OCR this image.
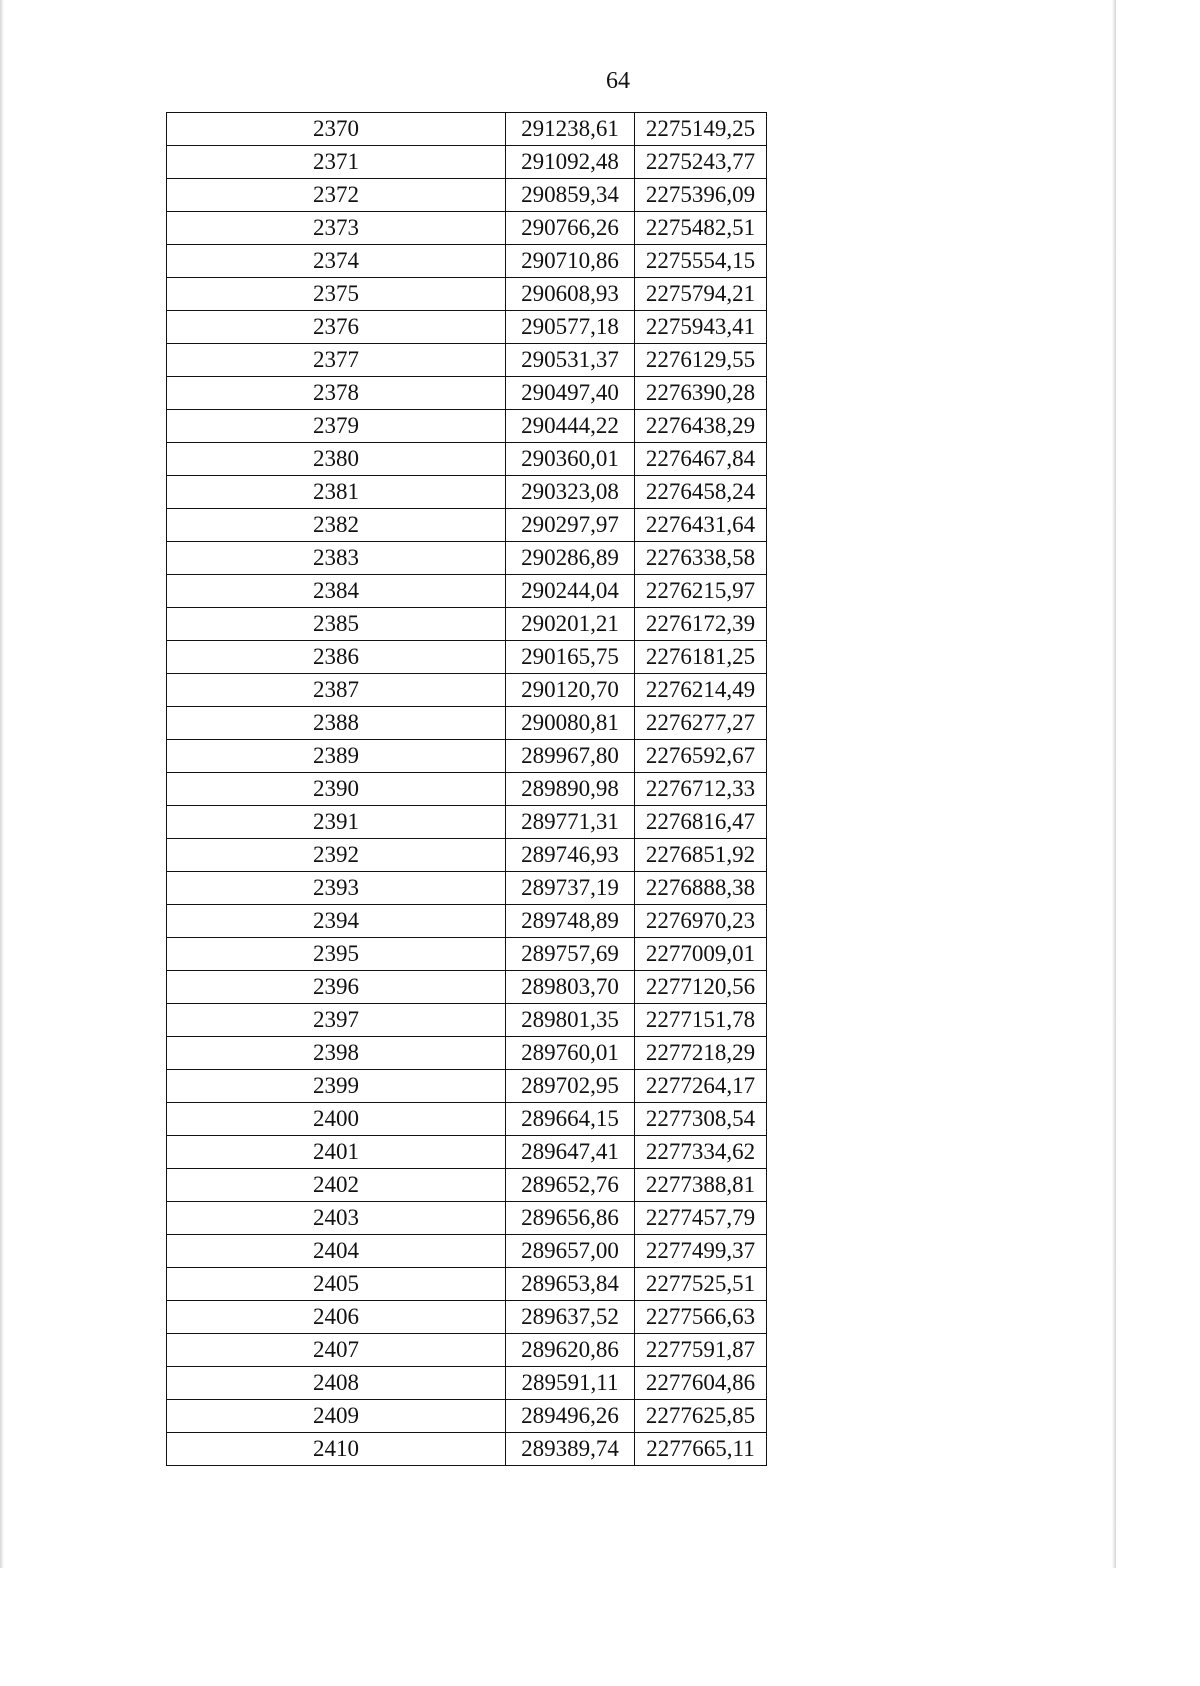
64
2370	291238,61	2275149,25
2371	291092,48	2275243,77
2372	290859,34	2275396,09
2373	290766,26	2275482,51
2374	290710,86	2275554,15
2375	290608,93	2275794,21
2376	290577,18	2275943,41
2377	290531,37	2276129,55
2378	290497,40	2276390,28
2379	290444,22	2276438,29
2380	290360,01	2276467,84
2381	290323,08	2276458,24
2382	290297,97	2276431,64
2383	290286,89	2276338,58
2384	290244,04	2276215,97
2385	290201,21	2276172,39
2386	290165,75	2276181,25
2387	290120,70	2276214,49
2388	290080,81	2276277,27
2389	289967,80	2276592,67
2390	289890,98	2276712,33
2391	289771,31	2276816,47
2392	289746,93	2276851,92
2393	289737,19	2276888,38
2394	289748,89	2276970,23
2395	289757,69	2277009,01
2396	289803,70	2277120,56
2397	289801,35	2277151,78
2398	289760,01	2277218,29
2399	289702,95	2277264,17
2400	289664,15	2277308,54
2401	289647,41	2277334,62
2402	289652,76	2277388,81
2403	289656,86	2277457,79
2404	289657,00	2277499,37
2405	289653,84	2277525,51
2406	289637,52	2277566,63
2407	289620,86	2277591,87
2408	289591,11	2277604,86
2409	289496,26	2277625,85
2410	289389,74	2277665,11
